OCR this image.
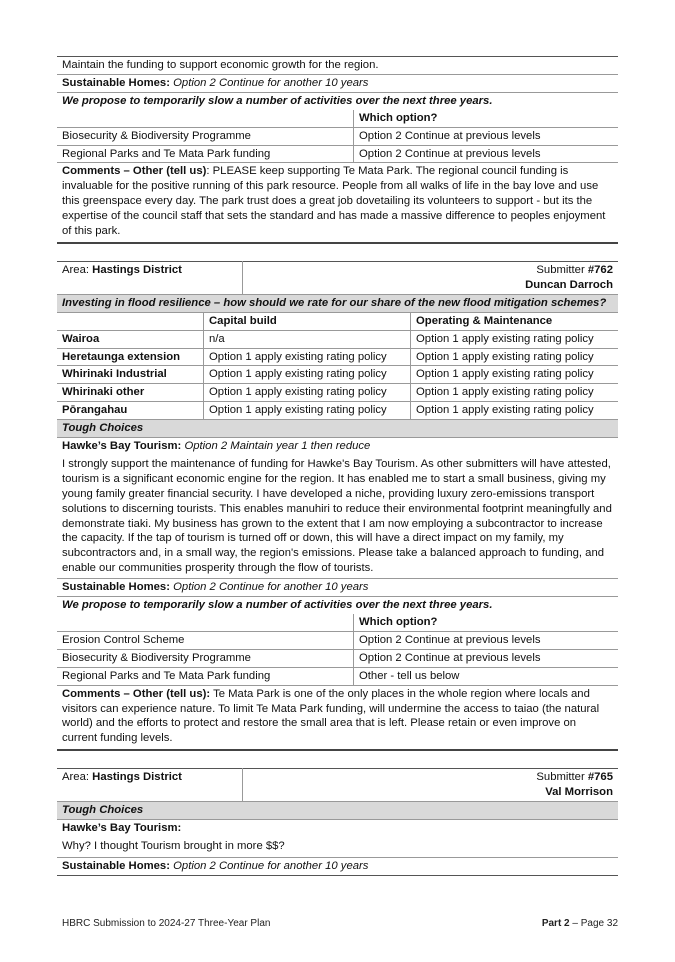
Maintain the funding to support economic growth for the region.
Sustainable Homes: Option 2 Continue for another 10 years
We propose to temporarily slow a number of activities over the next three years.
	Which option?
Biosecurity & Biodiversity Programme	Option 2 Continue at previous levels
Regional Parks and Te Mata Park funding	Option 2 Continue at previous levels
Comments – Other (tell us): PLEASE keep supporting Te Mata Park. The regional council funding is invaluable for the positive running of this park resource. People from all walks of life in the bay love and use this greenspace every day. The park trust does a great job dovetailing its volunteers to support - but its the expertise of the council staff that sets the standard and has made a massive difference to peoples enjoyment of this park.
Area: Hastings District	Submitter #762
Duncan Darroch
Investing in flood resilience – how should we rate for our share of the new flood mitigation schemes?
	Capital build	Operating & Maintenance
Wairoa	n/a	Option 1 apply existing rating policy
Heretaunga extension	Option 1 apply existing rating policy	Option 1 apply existing rating policy
Whirinaki Industrial	Option 1 apply existing rating policy	Option 1 apply existing rating policy
Whirinaki other	Option 1 apply existing rating policy	Option 1 apply existing rating policy
Pōrangahau	Option 1 apply existing rating policy	Option 1 apply existing rating policy
Tough Choices
Hawke’s Bay Tourism: Option 2 Maintain year 1 then reduce

I strongly support the maintenance of funding for Hawke's Bay Tourism. As other submitters will have attested, tourism is a significant economic engine for the region. It has enabled me to start a small business, giving my young family greater financial security. I have developed a niche, providing luxury zero-emissions transport solutions to discerning tourists. This enables manuhiri to reduce their environmental footprint meaningfully and demonstrate tiaki. My business has grown to the extent that I am now employing a subcontractor to increase the capacity. If the tap of tourism is turned off or down, this will have a direct impact on my family, my subcontractors and, in a small way, the region's emissions. Please take a balanced approach to funding, and enable our communities prosperity through the flow of tourists.

Sustainable Homes: Option 2 Continue for another 10 years
We propose to temporarily slow a number of activities over the next three years.
	Which option?
Erosion Control Scheme	Option 2 Continue at previous levels
Biosecurity & Biodiversity Programme	Option 2 Continue at previous levels
Regional Parks and Te Mata Park funding	Other - tell us below
Comments – Other (tell us): Te Mata Park is one of the only places in the whole region where locals and visitors can experience nature. To limit Te Mata Park funding, will undermine the access to taiao (the natural world) and the efforts to protect and restore the small area that is left. Please retain or even improve on current funding levels.
Area: Hastings District	Submitter #765
Val Morrison
Tough Choices
Hawke’s Bay Tourism:

Why? I thought Tourism brought in more $$?

Sustainable Homes: Option 2 Continue for another 10 years
HBRC Submission to 2024-27 Three-Year Plan	Part 2 – Page 32
